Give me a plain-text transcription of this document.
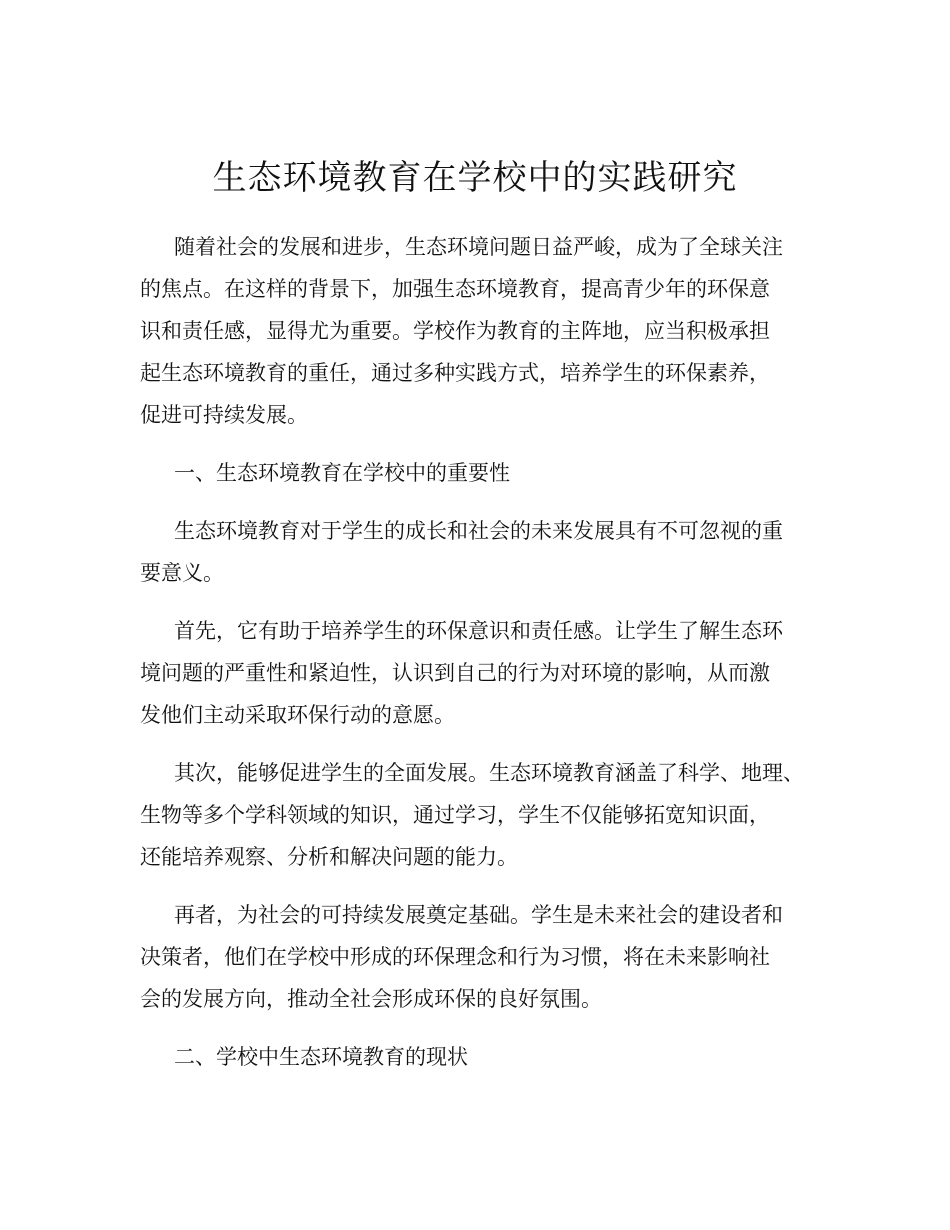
生态环境教育在学校中的实践研究
随着社会的发展和进步，生态环境问题日益严峻，成为了全球关注
的焦点。在这样的背景下，加强生态环境教育，提高青少年的环保意
识和责任感，显得尤为重要。学校作为教育的主阵地，应当积极承担
起生态环境教育的重任，通过多种实践方式，培养学生的环保素养，
促进可持续发展。
一、生态环境教育在学校中的重要性
生态环境教育对于学生的成长和社会的未来发展具有不可忽视的重
要意义。
首先，它有助于培养学生的环保意识和责任感。让学生了解生态环
境问题的严重性和紧迫性，认识到自己的行为对环境的影响，从而激
发他们主动采取环保行动的意愿。
其次，能够促进学生的全面发展。生态环境教育涵盖了科学、地理、
生物等多个学科领域的知识，通过学习，学生不仅能够拓宽知识面，
还能培养观察、分析和解决问题的能力。
再者，为社会的可持续发展奠定基础。学生是未来社会的建设者和
决策者，他们在学校中形成的环保理念和行为习惯，将在未来影响社
会的发展方向，推动全社会形成环保的良好氛围。
二、学校中生态环境教育的现状
